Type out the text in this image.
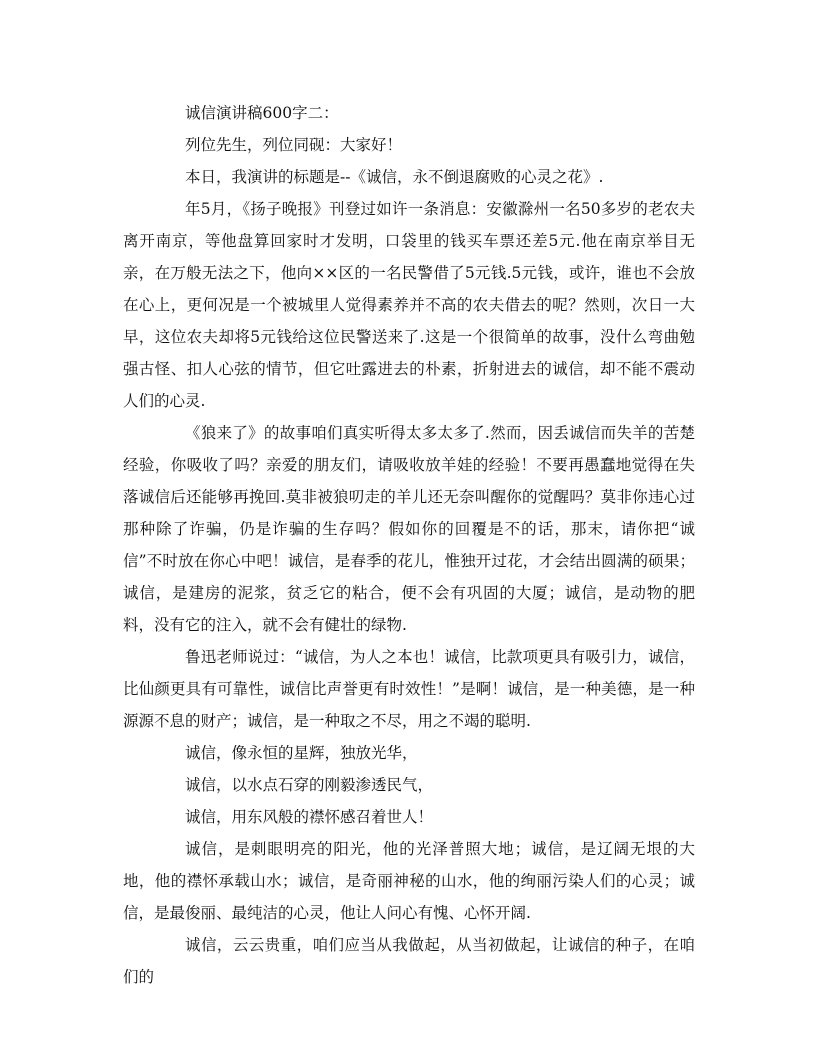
诚信演讲稿600字二：

列位先生，列位同砚：大家好！

本日，我演讲的标题是--《诚信，永不倒退腐败的心灵之花》.

年5月，《扬子晚报》刊登过如许一条消息：安徽滁州一名50多岁的老农夫离开南京，等他盘算回家时才发明，口袋里的钱买车票还差5元.他在南京举目无亲，在万般无法之下，他向××区的一名民警借了5元钱.5元钱，或许，谁也不会放在心上，更何况是一个被城里人觉得素养并不高的农夫借去的呢？然则，次日一大早，这位农夫却将5元钱给这位民警送来了.这是一个很简单的故事，没什么弯曲勉强古怪、扣人心弦的情节，但它吐露进去的朴素，折射进去的诚信，却不能不震动人们的心灵.

《狼来了》的故事咱们真实听得太多太多了.然而，因丢诚信而失羊的苦楚经验，你吸收了吗？亲爱的朋友们，请吸收放羊娃的经验！不要再愚蠢地觉得在失落诚信后还能够再挽回.莫非被狼叨走的羊儿还无奈叫醒你的觉醒吗？莫非你违心过那种除了诈骗，仍是诈骗的生存吗？假如你的回覆是不的话，那末，请你把“诚信”不时放在你心中吧！诚信，是春季的花儿，惟独开过花，才会结出圆满的硕果；诚信，是建房的泥浆，贫乏它的粘合，便不会有巩固的大厦；诚信，是动物的肥料，没有它的注入，就不会有健壮的绿物.

鲁迅老师说过：“诚信，为人之本也！诚信，比款项更具有吸引力，诚信，比仙颜更具有可靠性，诚信比声誉更有时效性！”是啊！诚信，是一种美德，是一种源源不息的财产；诚信，是一种取之不尽，用之不竭的聪明.

诚信，像永恒的星辉，独放光华，

诚信，以水点石穿的刚毅渗透民气，

诚信，用东风般的襟怀感召着世人！

诚信，是刺眼明亮的阳光，他的光泽普照大地；诚信，是辽阔无垠的大地，他的襟怀承载山水；诚信，是奇丽神秘的山水，他的绚丽污染人们的心灵；诚信，是最俊丽、最纯洁的心灵，他让人问心有愧、心怀开阔.

诚信，云云贵重，咱们应当从我做起，从当初做起，让诚信的种子，在咱们的
